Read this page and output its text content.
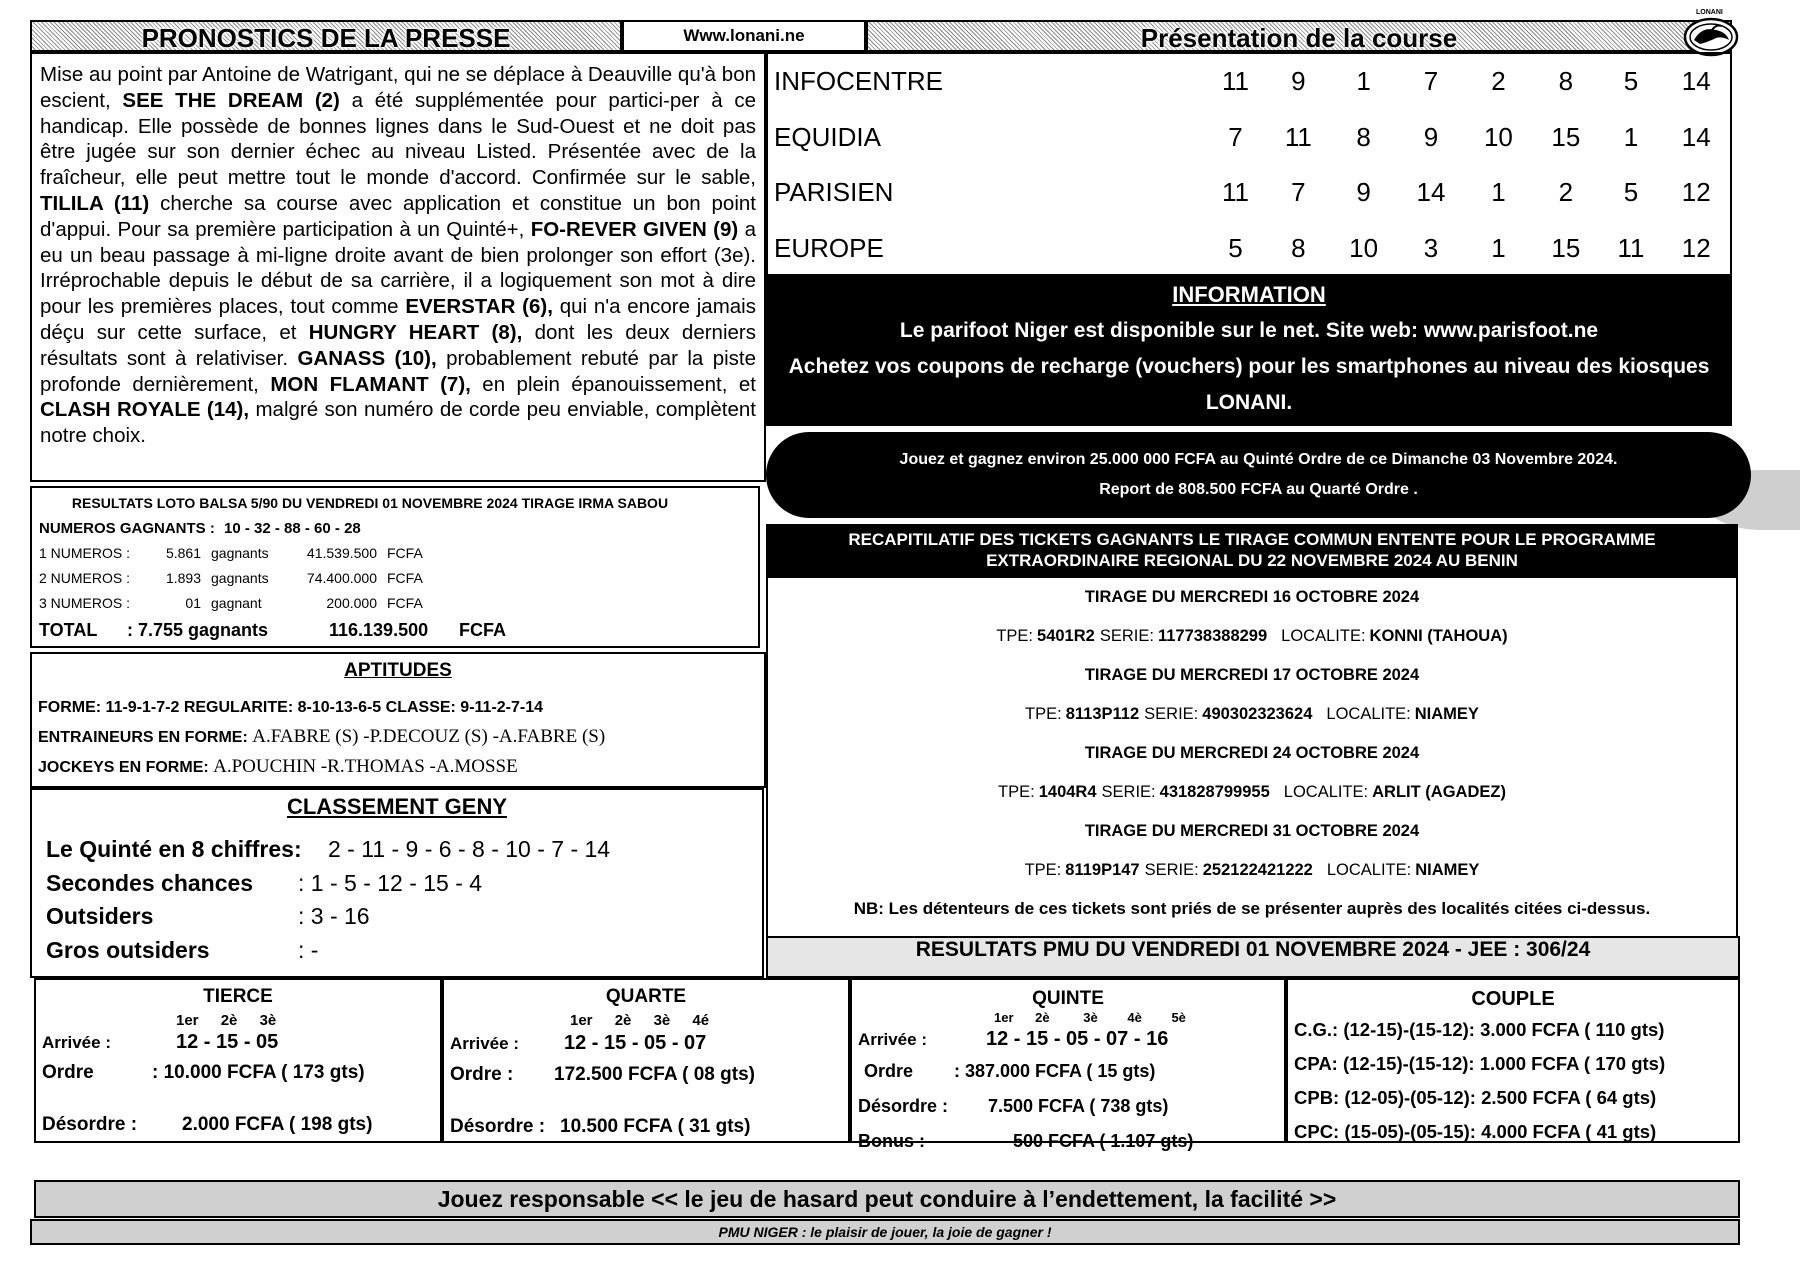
PRONOSTICS DE LA PRESSE	Www.lonani.ne	Présentation de la course
LONANI
Mise au point par Antoine de Watrigant, qui ne se déplace à Deauville qu'à bon escient, SEE THE DREAM (2) a été supplémentée pour partici-per à ce handicap. Elle possède de bonnes lignes dans le Sud-Ouest et ne doit pas être jugée sur son dernier échec au niveau Listed. Présentée avec de la fraîcheur, elle peut mettre tout le monde d'accord. Confirmée sur le sable, TILILA (11) cherche sa course avec application et constitue un bon point d'appui. Pour sa première participation à un Quinté+, FO-REVER GIVEN (9) a eu un beau passage à mi-ligne droite avant de bien prolonger son effort (3e). Irréprochable depuis le début de sa carrière, il a logiquement son mot à dire pour les premières places, tout comme EVERSTAR (6), qui n'a encore jamais déçu sur cette surface, et HUNGRY HEART (8), dont les deux derniers résultats sont à relativiser. GANASS (10), probablement rebuté par la piste profonde dernièrement, MON FLAMANT (7), en plein épanouissement, et CLASH ROYALE (14), malgré son numéro de corde peu enviable, complètent notre choix.
INFOCENTRE	11	9	1	7	2	8	5	14
EQUIDIA	7	11	8	9	10	15	1	14
PARISIEN	11	7	9	14	1	2	5	12
EUROPE	5	8	10	3	1	15	11	12
INFORMATION
Le parifoot Niger est disponible sur le net. Site web: www.parisfoot.ne
Achetez vos coupons de recharge (vouchers) pour les smartphones au niveau des kiosques LONANI.
Jouez et gagnez environ 25.000 000 FCFA au Quinté Ordre de ce Dimanche 03 Novembre 2024.
Report de 808.500 FCFA au Quarté Ordre .
RESULTATS LOTO BALSA 5/90 DU VENDREDI 01 NOVEMBRE 2024 TIRAGE IRMA SABOU
NUMEROS GAGNANTS : 10 - 32 - 88 - 60 - 28
1 NUMEROS :	5.861 gagnants	41.539.500 FCFA
2 NUMEROS :	1.893 gagnants	74.400.000 FCFA
3 NUMEROS :	01 gagnant	200.000 FCFA
TOTAL : 7.755 gagnants	116.139.500 FCFA
APTITUDES
FORME: 11-9-1-7-2 REGULARITE: 8-10-13-6-5 CLASSE: 9-11-2-7-14
ENTRAINEURS EN FORME: A.FABRE (S) -P.DECOUZ (S) -A.FABRE (S)
JOCKEYS EN FORME: A.POUCHIN -R.THOMAS -A.MOSSE
CLASSEMENT GENY
Le Quinté en 8 chiffres: 2 - 11 - 9 - 6 - 8 - 10 - 7 - 14
Secondes chances : 1 - 5 - 12 - 15 - 4
Outsiders	: 3 - 16
Gros outsiders	: -
RECAPITILATIF DES TICKETS GAGNANTS LE TIRAGE COMMUN ENTENTE POUR LE PROGRAMME
EXTRAORDINAIRE REGIONAL DU 22 NOVEMBRE 2024 AU BENIN
TIRAGE DU MERCREDI 16 OCTOBRE 2024
TPE: 5401R2 SERIE: 117738388299 LOCALITE: KONNI (TAHOUA)
TIRAGE DU MERCREDI 17 OCTOBRE 2024
TPE: 8113P112 SERIE: 490302323624 LOCALITE: NIAMEY
TIRAGE DU MERCREDI 24 OCTOBRE 2024
TPE: 1404R4 SERIE: 431828799955 LOCALITE: ARLIT (AGADEZ)
TIRAGE DU MERCREDI 31 OCTOBRE 2024
TPE: 8119P147 SERIE: 252122421222 LOCALITE: NIAMEY
NB: Les détenteurs de ces tickets sont priés de se présenter auprès des localités citées ci-dessus.
RESULTATS PMU DU VENDREDI 01 NOVEMBRE 2024 - JEE : 306/24
TIERCE
1er 2è 3è
Arrivée :	12 - 15 - 05
Ordre	: 10.000 FCFA ( 173 gts)
Désordre : 2.000 FCFA ( 198 gts)
QUARTE
1er 2è 3è 4é
Arrivée : 12 - 15 - 05 - 07
Ordre : 172.500 FCFA ( 08 gts)
Désordre : 10.500 FCFA ( 31 gts)
QUINTE
1er 2è	3è 4è 5è
Arrivée :	12 - 15 - 05 - 07 - 16
Ordre : 387.000 FCFA ( 15 gts)
Désordre : 7.500 FCFA ( 738 gts)
Bonus :	500 FCFA ( 1.107 gts)
COUPLE
C.G.: (12-15)-(15-12): 3.000 FCFA ( 110 gts)
CPA: (12-15)-(15-12): 1.000 FCFA ( 170 gts)
CPB: (12-05)-(05-12): 2.500 FCFA ( 64 gts)
CPC: (15-05)-(05-15): 4.000 FCFA ( 41 gts)
Jouez responsable << le jeu de hasard peut conduire à l’endettement, la facilité >>
PMU NIGER : le plaisir de jouer, la joie de gagner !
